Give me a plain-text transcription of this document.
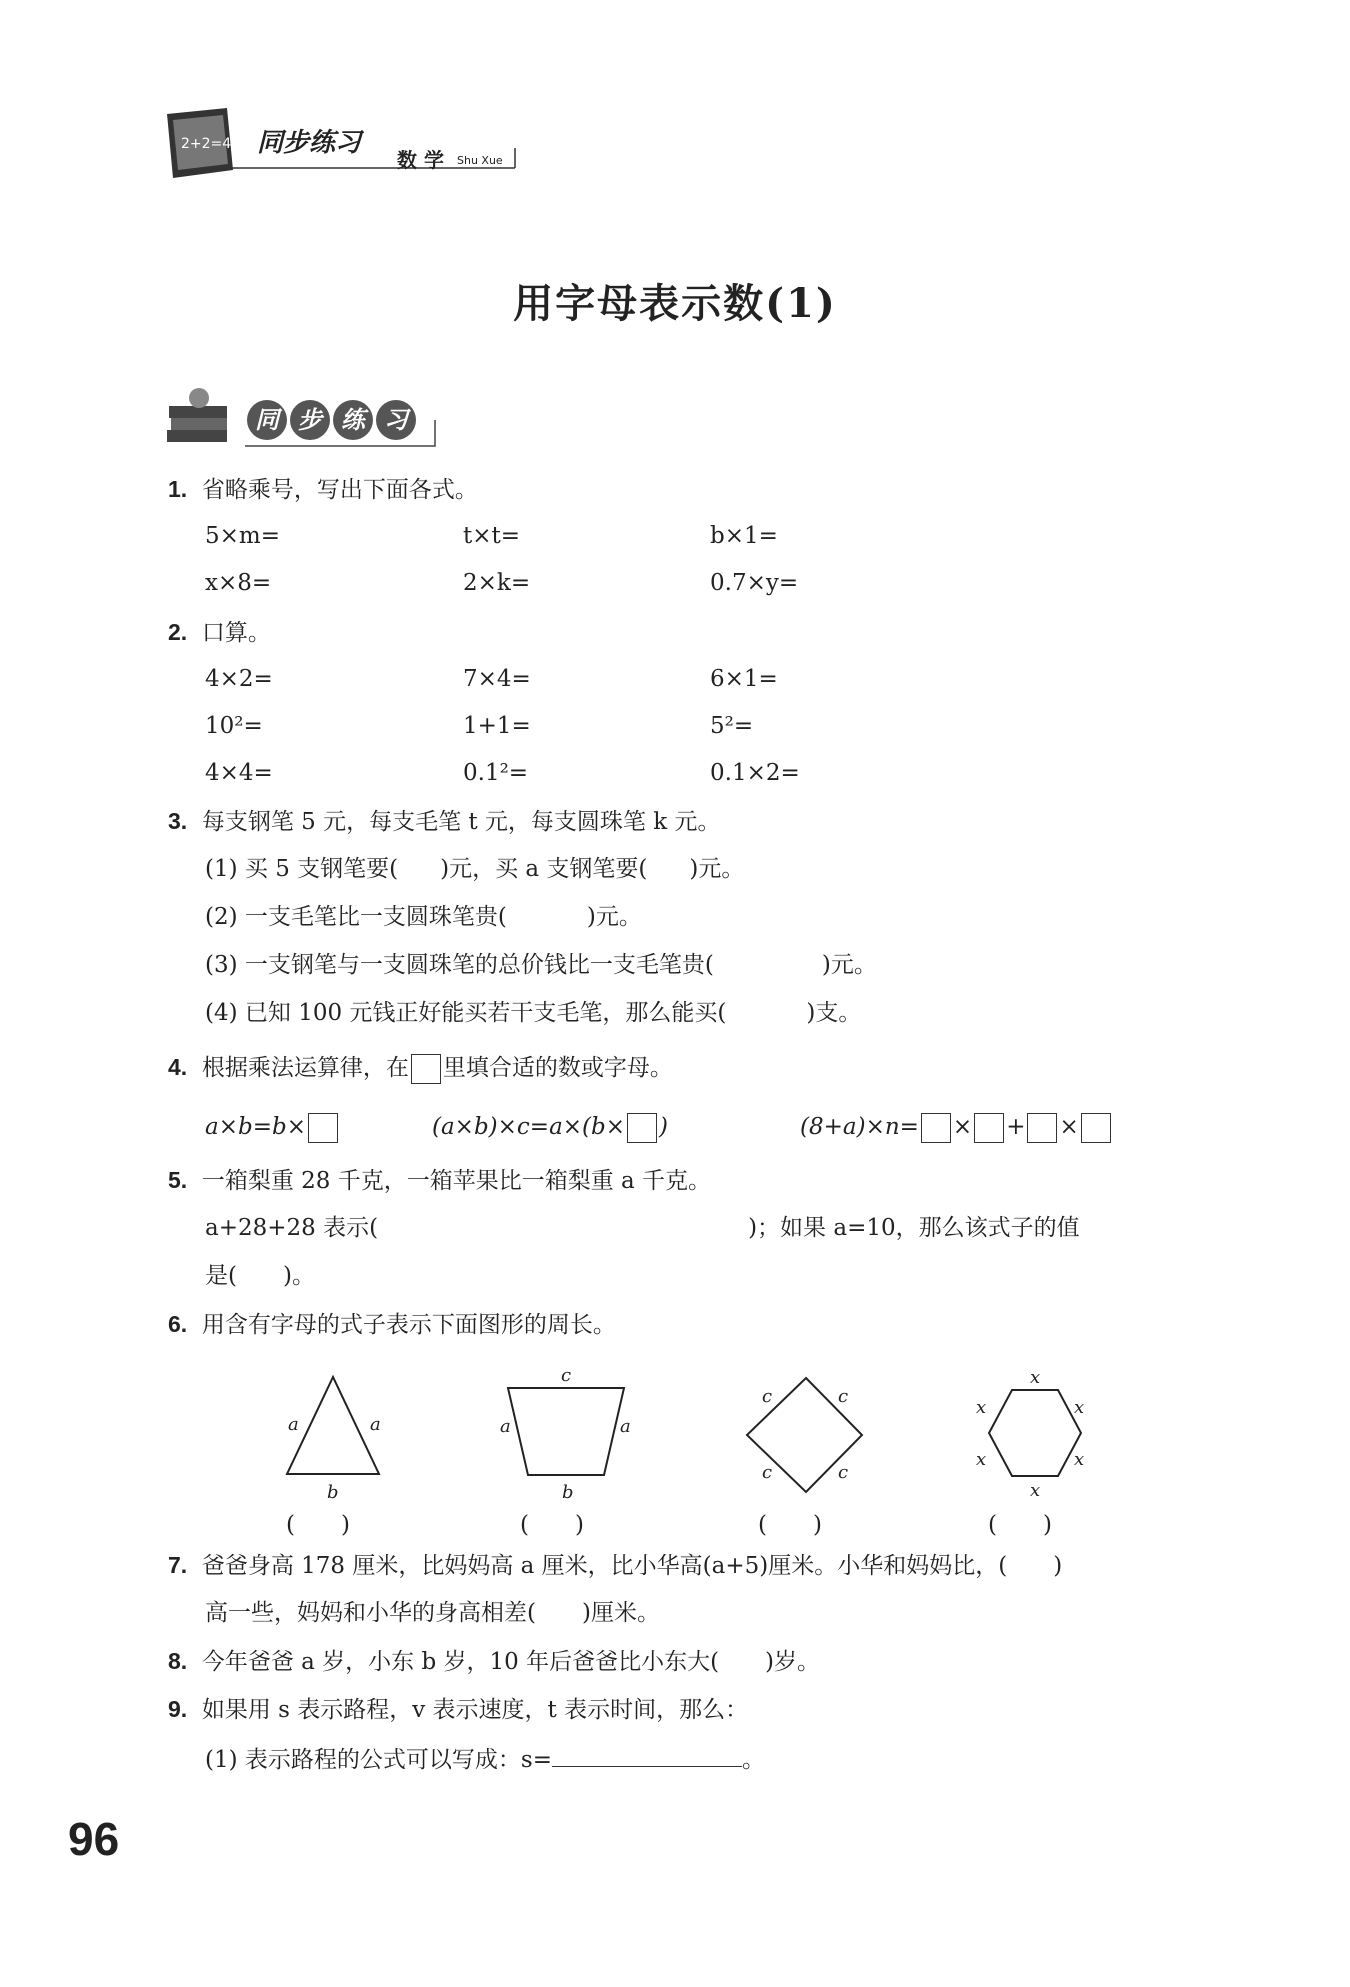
2+2=4 同步练习
数 学 Shu Xue
用字母表示数(1)
同 步 练 习
1. 省略乘号，写出下面各式。
5×m=	t×t=	b×1=
x×8=	2×k=	0.7×y=
2. 口算。
4×2=	7×4=	6×1=
10²=	1+1=	5²=
4×4=	0.1²=	0.1×2=
3. 每支钢笔 5 元，每支毛笔 t 元，每支圆珠笔 k 元。
(1) 买 5 支钢笔要( )元，买 a 支钢笔要( )元。
(2) 一支毛笔比一支圆珠笔贵(	)元。
(3) 一支钢笔与一支圆珠笔的总价钱比一支毛笔贵(	)元。
(4) 已知 100 元钱正好能买若干支毛笔，那么能买(	)支。
4. 根据乘法运算律，在 里填合适的数或字母。
a×b=b×	(a×b)×c=a×(b× )	(8+a)×n= × + ×
5. 一箱梨重 28 千克，一箱苹果比一箱梨重 a 千克。
a+28+28 表示(	)；如果 a=10，那么该式子的值
是(　　)。
6. 用含有字母的式子表示下面图形的周长。
a	a
b
c
a	a
b
c	c
c	c
x
x	x
x	x
x
(　　)	(　　)	(　　)	(　　)
7. 爸爸身高 178 厘米，比妈妈高 a 厘米，比小华高(a+5)厘米。小华和妈妈比，( )
高一些，妈妈和小华的身高相差(　　)厘米。
8. 今年爸爸 a 岁，小东 b 岁，10 年后爸爸比小东大(　　)岁。
9. 如果用 s 表示路程，v 表示速度，t 表示时间，那么：
(1) 表示路程的公式可以写成：s=	。
96
